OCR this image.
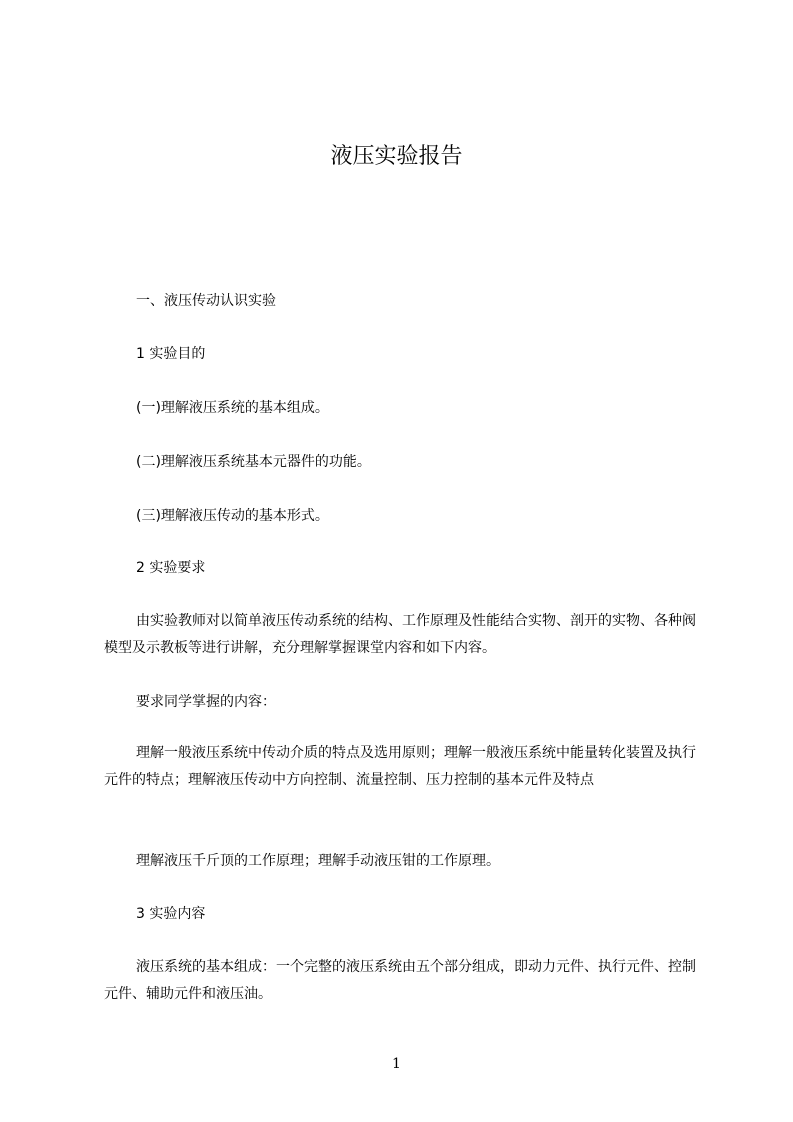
液压实验报告

一、液压传动认识实验

1 实验目的

(一)理解液压系统的基本组成。

(二)理解液压系统基本元器件的功能。

(三)理解液压传动的基本形式。

2 实验要求

由实验教师对以简单液压传动系统的结构、工作原理及性能结合实物、剖开的实物、各种阀模型及示教板等进行讲解，充分理解掌握课堂内容和如下内容。

要求同学掌握的内容：

理解一般液压系统中传动介质的特点及选用原则；理解一般液压系统中能量转化装置及执行元件的特点；理解液压传动中方向控制、流量控制、压力控制的基本元件及特点

理解液压千斤顶的工作原理；理解手动液压钳的工作原理。

3 实验内容

液压系统的基本组成：一个完整的液压系统由五个部分组成，即动力元件、执行元件、控制元件、辅助元件和液压油。

1
